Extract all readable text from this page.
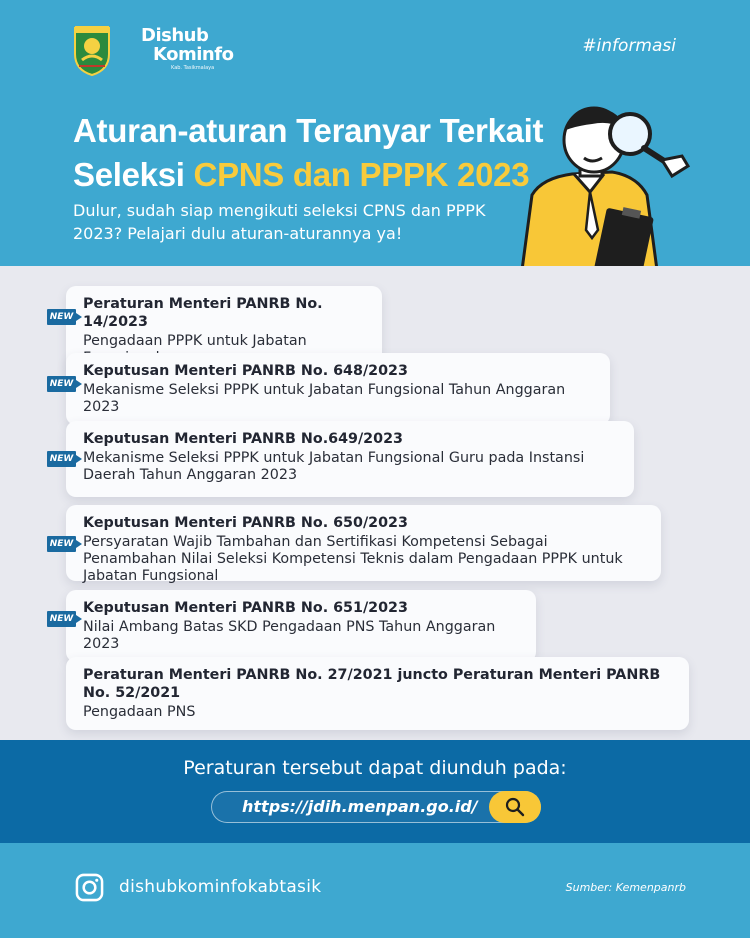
Dishub
Kominfo
Kab. Tasikmalaya
#informasi
Aturan-aturan Teranyar Terkait
Seleksi CPNS dan PPPK 2023
Dulur, sudah siap mengikuti seleksi CPNS dan PPPK 2023? Pelajari dulu aturan-aturannya ya!
Peraturan Menteri PANRB No. 14/2023
Pengadaan PPPK untuk Jabatan
NEW
Keputusan Menteri PANRB No. 648/2023
Mekanisme Seleksi PPPK untuk Jabatan Fungsional Tahun Anggaran 2023
NEW
Keputusan Menteri PANRB No.649/2023
Mekanisme Seleksi PPPK untuk Jabatan Fungsional Guru pada Instansi Daerah Tahun Anggaran 2023
NEW
Keputusan Menteri PANRB No. 650/2023
Persyaratan Wajib Tambahan dan Sertifikasi Kompetensi Sebagai Penambahan Nilai Seleksi Kompetensi Teknis dalam Pengadaan PPPK untuk Jabatan Fungsional
NEW
Keputusan Menteri PANRB No. 651/2023
Nilai Ambang Batas SKD Pengadaan PNS Tahun Anggaran 2023
NEW
Peraturan Menteri PANRB No. 27/2021 juncto Peraturan Menteri PANRB No. 52/2021
Pengadaan PNS
Peraturan tersebut dapat diunduh pada:
https://jdih.menpan.go.id/
dishubkominfokabtasik	Sumber: Kemenpanrb
